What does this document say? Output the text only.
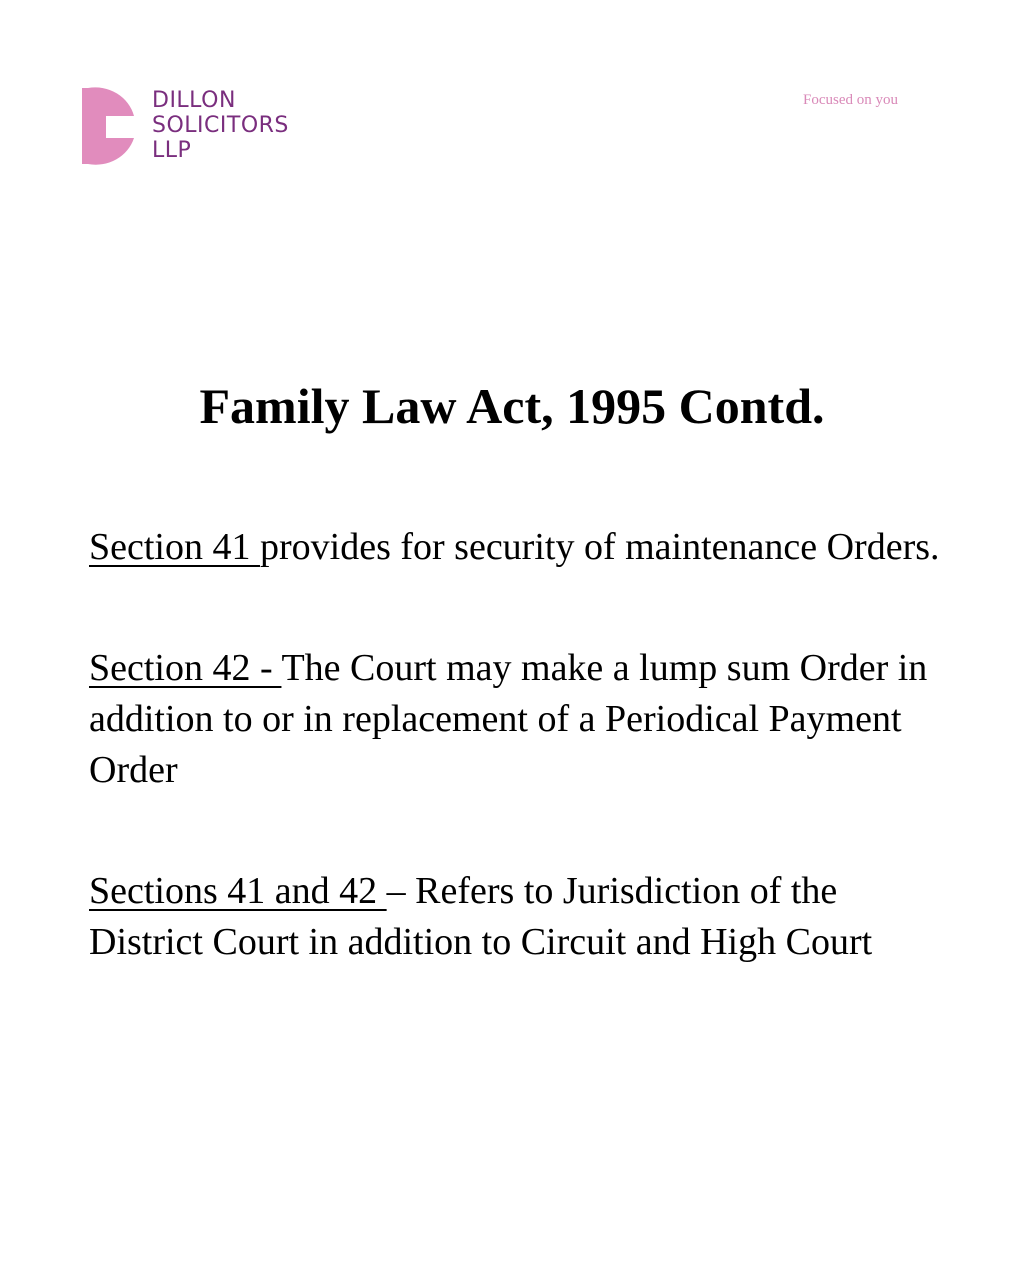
DILLON
SOLICITORS
LLP
Focused on you
Family Law Act, 1995 Contd.

Section 41 provides for security of maintenance Orders.

Section 42 - The Court may make a lump sum Order in addition to or in replacement of a Periodical Payment Order

Sections 41 and 42 – Refers to Jurisdiction of the District Court in addition to Circuit and High Court
